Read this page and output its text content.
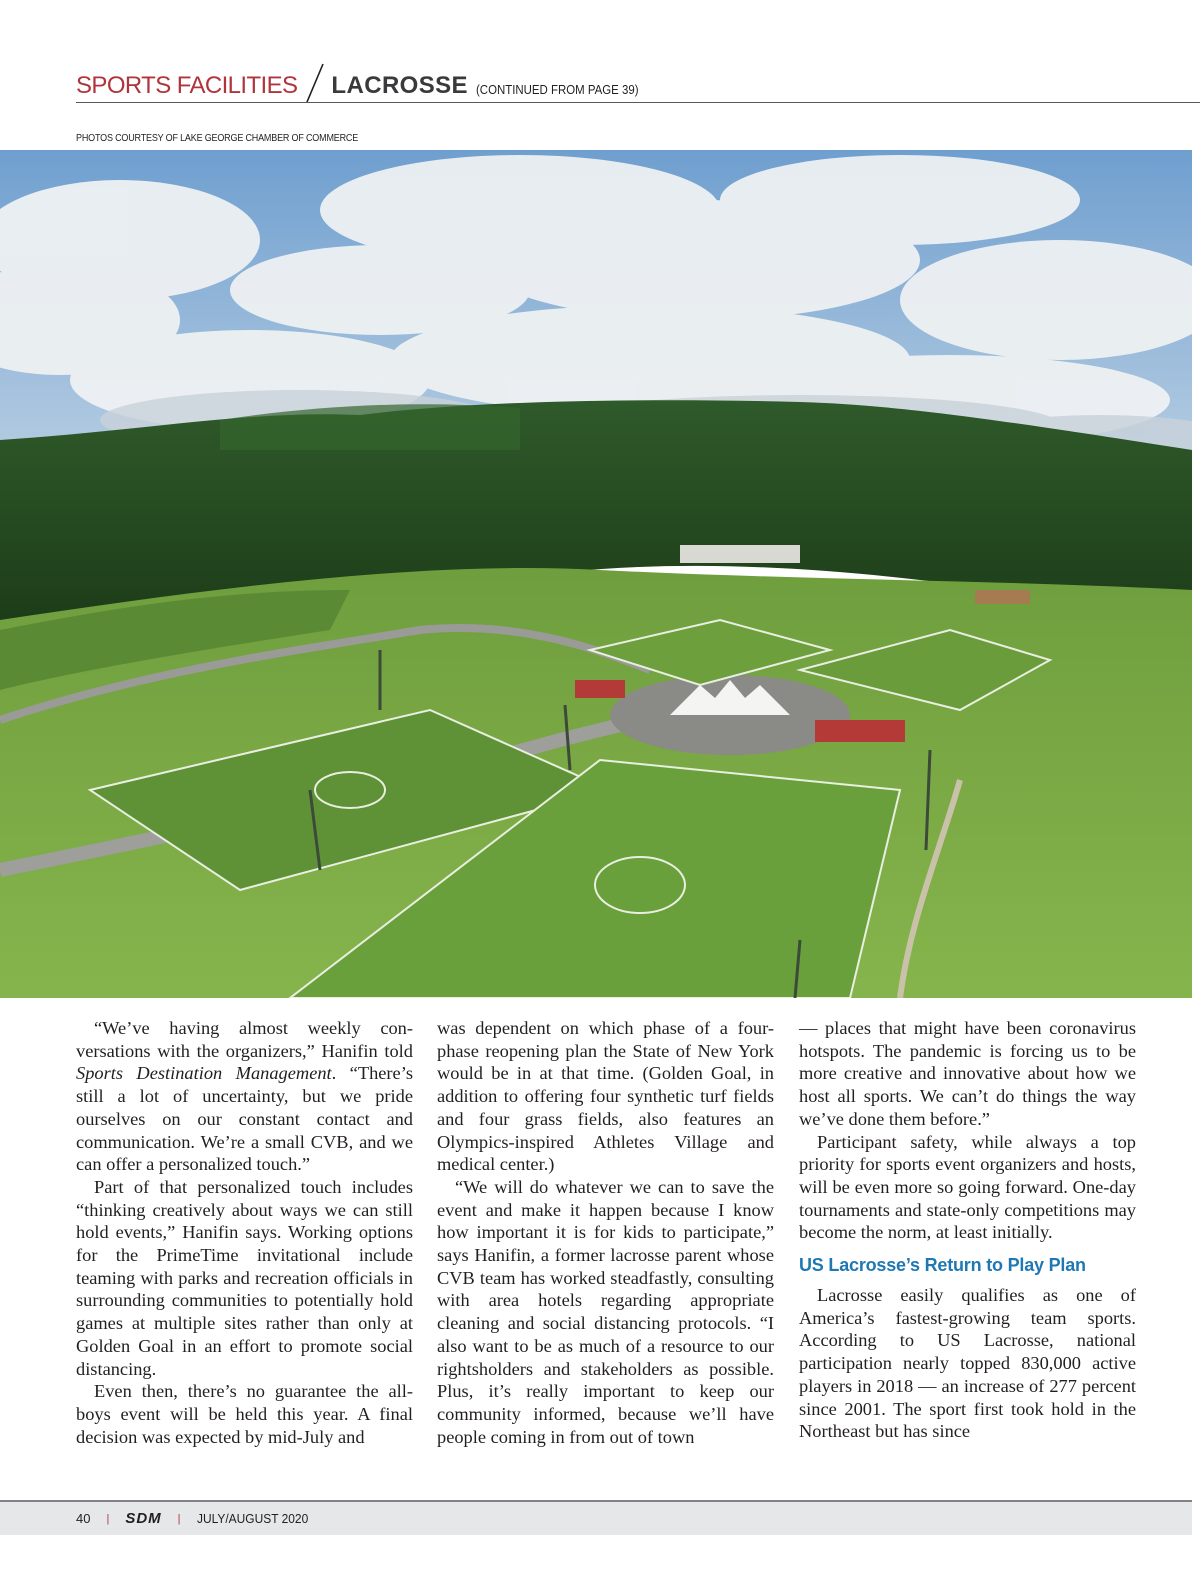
SPORTS FACILITIES LACROSSE (CONTINUED FROM PAGE 39)
PHOTOS COURTESY OF LAKE GEORGE CHAMBER OF COMMERCE

“We’ve having almost weekly conversations with the organizers,” Hanifin told Sports Destination Management. “There’s still a lot of uncertainty, but we pride ourselves on our constant contact and communication. We’re a small CVB, and we can offer a personalized touch.”

Part of that personalized touch includes “thinking creatively about ways we can still hold events,” Hanifin says. Working options for the PrimeTime invitational include teaming with parks and recreation officials in surrounding communities to potentially hold games at multiple sites rather than only at Golden Goal in an effort to promote social distancing.

Even then, there’s no guarantee the all-boys event will be held this year. A final decision was expected by mid-July and

was dependent on which phase of a four-phase reopening plan the State of New York would be in at that time. (Golden Goal, in addition to offering four synthetic turf fields and four grass fields, also features an Olympics-inspired Athletes Village and medical center.)

“We will do whatever we can to save the event and make it happen because I know how important it is for kids to participate,” says Hanifin, a former lacrosse parent whose CVB team has worked steadfastly, consulting with area hotels regarding appropriate cleaning and social distancing protocols. “I also want to be as much of a resource to our rightsholders and stakeholders as possible. Plus, it’s really important to keep our community informed, because we’ll have people coming in from out of town

— places that might have been coronavirus hotspots. The pandemic is forcing us to be more creative and innovative about how we host all sports. We can’t do things the way we’ve done them before.”

Participant safety, while always a top priority for sports event organizers and hosts, will be even more so going forward. One-day tournaments and state-only competitions may become the norm, at least initially.

US Lacrosse’s Return to Play Plan

Lacrosse easily qualifies as one of America’s fastest-growing team sports. According to US Lacrosse, national participation nearly topped 830,000 active players in 2018 — an increase of 277 percent since 2001. The sport first took hold in the Northeast but has since

40 | SDM | JULY/AUGUST 2020
